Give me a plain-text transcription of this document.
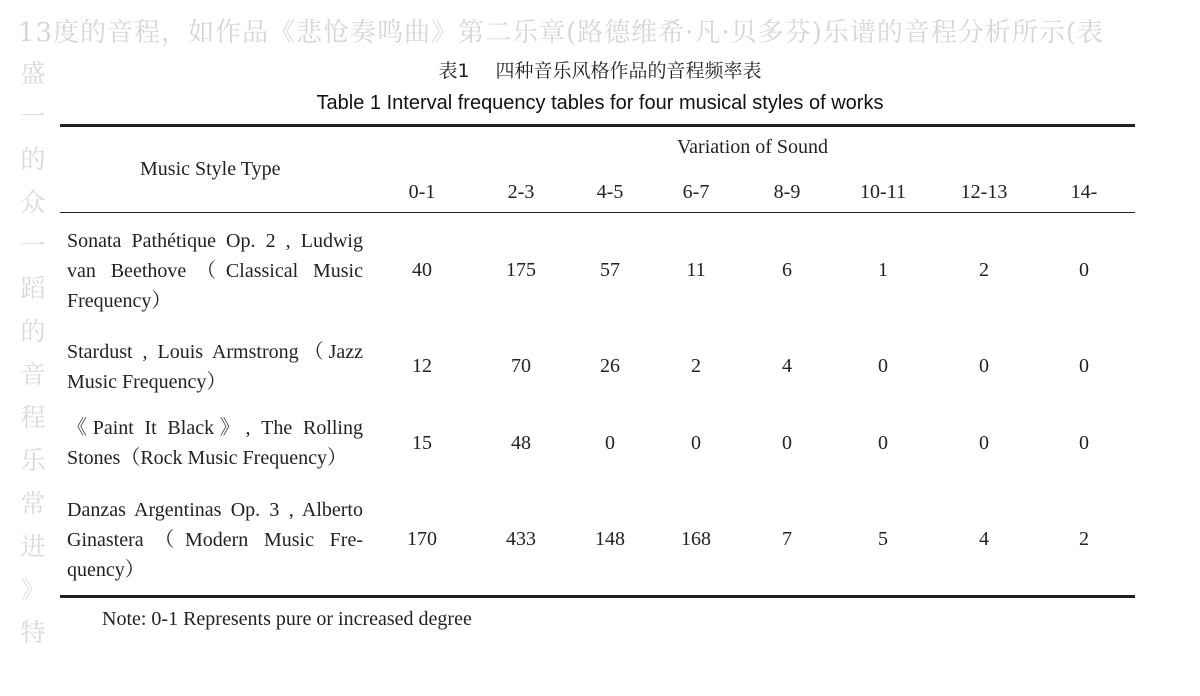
13度的音程，如作品《悲怆奏鸣曲》第二乐章(路德维希·凡·贝多芬)乐谱的音程分析所示(表
盛
一
的
众
一
蹈
的
音
程
乐
常
进
》
特
表1 四种音乐风格作品的音程频率表
Table 1 Interval frequency tables for four musical styles of works
Music Style Type
Variation of Sound
0-1	2-3	4-5	6-7	8-9	10-11	12-13	14-
Sonata Pathétique Op. 2 , Ludwig van Beethove（Classical Music Frequency）
40	175	57	11	6	1	2	0
Stardust , Louis Armstrong（Jazz Music Frequency）
12	70	26	2	4	0	0	0
《Paint It Black》, The Rolling Stones（Rock Music Frequency）
15	48	0	0	0	0	0	0
Danzas Argentinas Op. 3 , Alberto Ginastera（Modern Music Frequency）
170	433	148	168	7	5	4	2
Note: 0-1 Represents pure or increased degree
